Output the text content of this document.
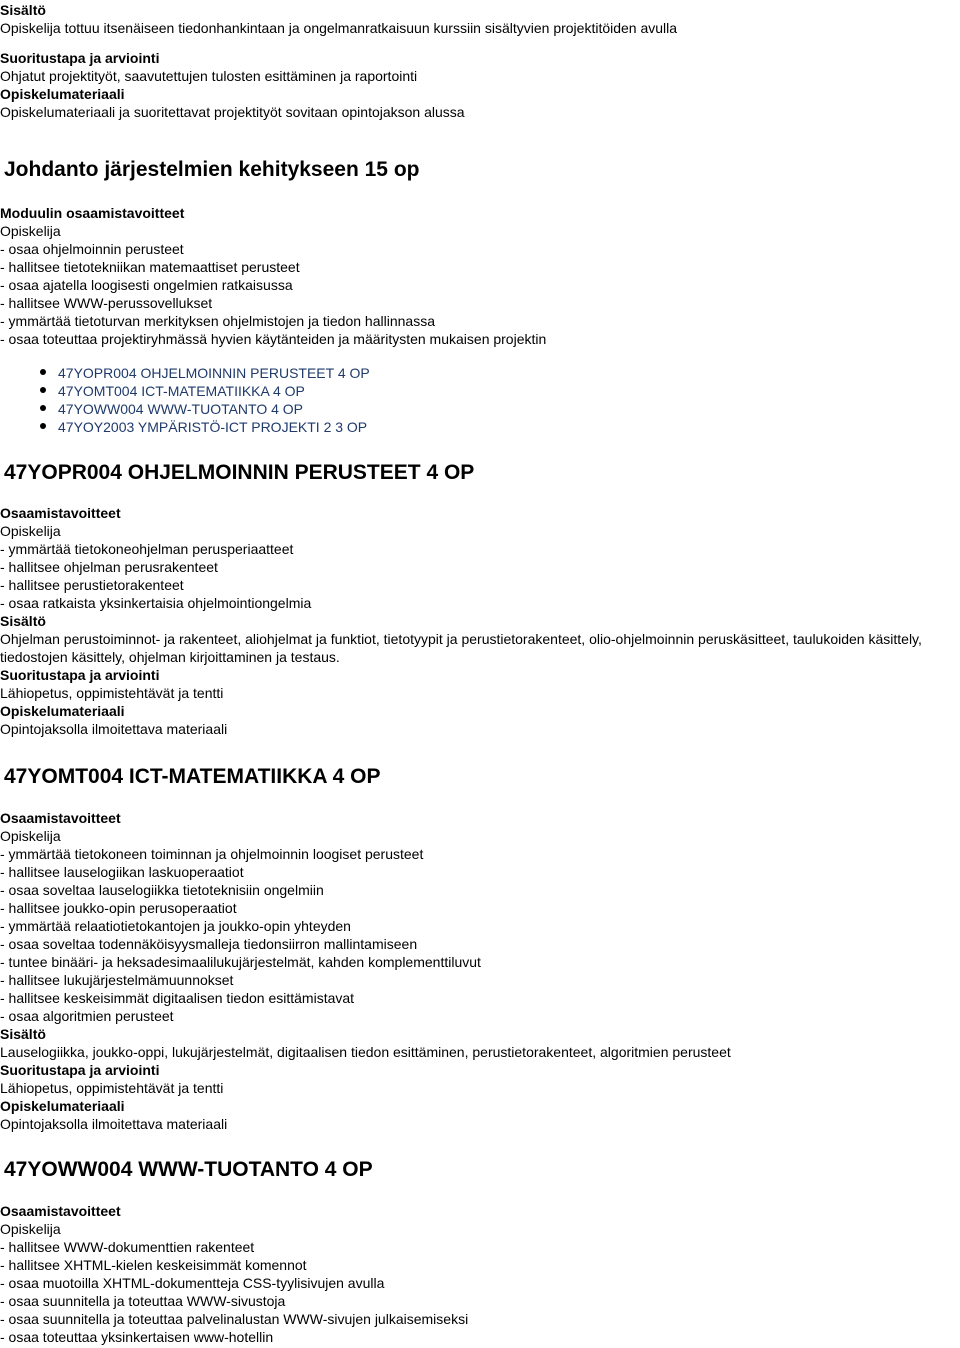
Sisältö
Opiskelija tottuu itsenäiseen tiedonhankintaan ja ongelmanratkaisuun kurssiin sisältyvien projektitöiden avulla
Suoritustapa ja arviointi
Ohjatut projektityöt, saavutettujen tulosten esittäminen ja raportointi
Opiskelumateriaali
Opiskelumateriaali ja suoritettavat projektityöt sovitaan opintojakson alussa
Johdanto järjestelmien kehitykseen 15 op
Moduulin osaamistavoitteet
Opiskelija
- osaa ohjelmoinnin perusteet
- hallitsee tietotekniikan matemaattiset perusteet
- osaa ajatella loogisesti ongelmien ratkaisussa
- hallitsee WWW-perussovellukset
- ymmärtää tietoturvan merkityksen ohjelmistojen ja tiedon hallinnassa
- osaa toteuttaa projektiryhmässä hyvien käytänteiden ja määritysten mukaisen projektin
47YOPR004 OHJELMOINNIN PERUSTEET 4 OP
47YOMT004 ICT-MATEMATIIKKA 4 OP
47YOWW004 WWW-TUOTANTO 4 OP
47YOY2003 YMPÄRISTÖ-ICT PROJEKTI 2 3 OP
47YOPR004 OHJELMOINNIN PERUSTEET 4 OP
Osaamistavoitteet
Opiskelija
- ymmärtää tietokoneohjelman perusperiaatteet
- hallitsee ohjelman perusrakenteet
- hallitsee perustietorakenteet
- osaa ratkaista yksinkertaisia ohjelmointiongelmia
Sisältö
Ohjelman perustoiminnot- ja rakenteet, aliohjelmat ja funktiot, tietotyypit ja perustietorakenteet, olio-ohjelmoinnin peruskäsitteet, taulukoiden käsittely, tiedostojen käsittely, ohjelman kirjoittaminen ja testaus.
Suoritustapa ja arviointi
Lähiopetus, oppimistehtävät ja tentti
Opiskelumateriaali
Opintojaksolla ilmoitettava materiaali
47YOMT004 ICT-MATEMATIIKKA 4 OP
Osaamistavoitteet
Opiskelija
- ymmärtää tietokoneen toiminnan ja ohjelmoinnin loogiset perusteet
- hallitsee lauselogiikan laskuoperaatiot
- osaa soveltaa lauselogiikka tietoteknisiin ongelmiin
- hallitsee joukko-opin perusoperaatiot
- ymmärtää relaatiotietokantojen ja joukko-opin yhteyden
- osaa soveltaa todennäköisyysmalleja tiedonsiirron mallintamiseen
- tuntee binääri- ja heksadesimaalilukujärjestelmät, kahden komplementtiluvut
- hallitsee lukujärjestelmämuunnokset
- hallitsee keskeisimmät digitaalisen tiedon esittämistavat
- osaa algoritmien perusteet
Sisältö
Lauselogiikka, joukko-oppi, lukujärjestelmät, digitaalisen tiedon esittäminen, perustietorakenteet, algoritmien perusteet
Suoritustapa ja arviointi
Lähiopetus, oppimistehtävät ja tentti
Opiskelumateriaali
Opintojaksolla ilmoitettava materiaali
47YOWW004 WWW-TUOTANTO 4 OP
Osaamistavoitteet
Opiskelija
- hallitsee WWW-dokumenttien rakenteet
- hallitsee XHTML-kielen keskeisimmät komennot
- osaa muotoilla XHTML-dokumentteja CSS-tyylisivujen avulla
- osaa suunnitella ja toteuttaa WWW-sivustoja
- osaa suunnitella ja toteuttaa palvelinalustan WWW-sivujen julkaisemiseksi
- osaa toteuttaa yksinkertaisen www-hotellin
